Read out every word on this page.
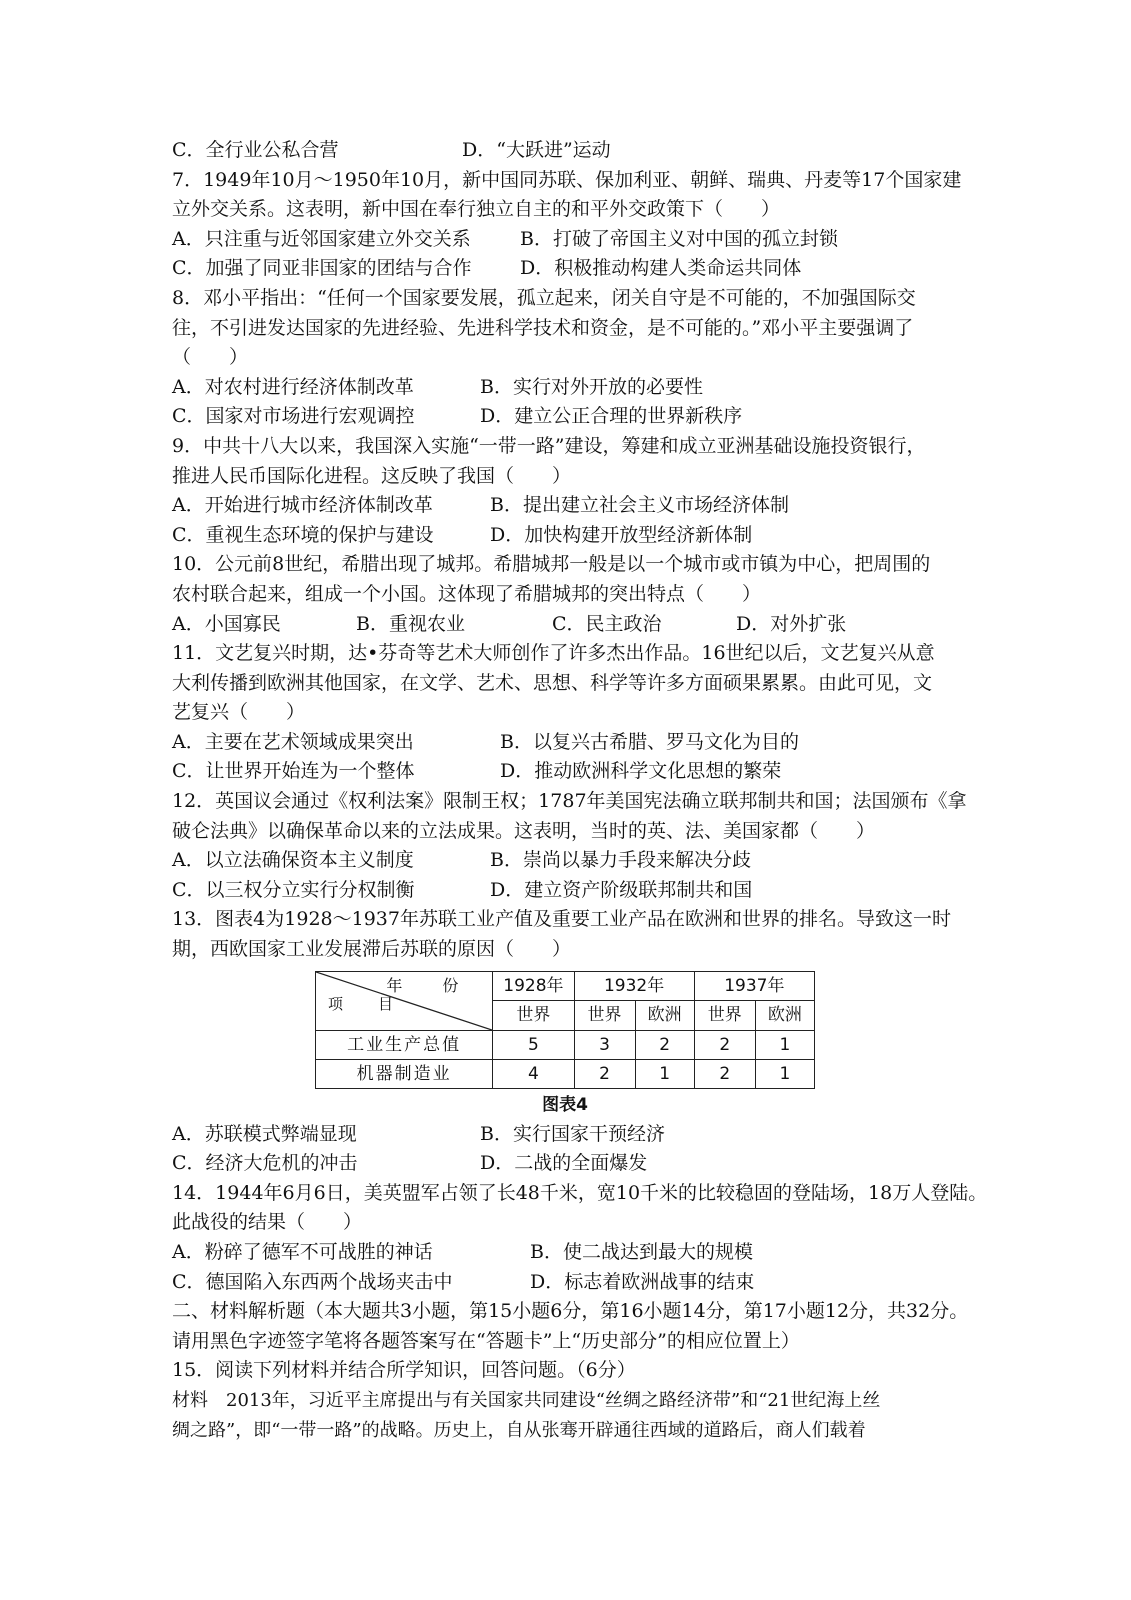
C．全行业公私合营	D．“大跃进”运动
7．1949年10月～1950年10月，新中国同苏联、保加利亚、朝鲜、瑞典、丹麦等17个国家建
立外交关系。这表明，新中国在奉行独立自主的和平外交政策下（　　）
A．只注重与近邻国家建立外交关系	B．打破了帝国主义对中国的孤立封锁
C．加强了同亚非国家的团结与合作	D．积极推动构建人类命运共同体
8．邓小平指出：“任何一个国家要发展，孤立起来，闭关自守是不可能的，不加强国际交
往，不引进发达国家的先进经验、先进科学技术和资金，是不可能的。”邓小平主要强调了
（　　）
A．对农村进行经济体制改革	B．实行对外开放的必要性
C．国家对市场进行宏观调控	D．建立公正合理的世界新秩序
9．中共十八大以来，我国深入实施“一带一路”建设，筹建和成立亚洲基础设施投资银行，
推进人民币国际化进程。这反映了我国（　　）
A．开始进行城市经济体制改革	B．提出建立社会主义市场经济体制
C．重视生态环境的保护与建设	D．加快构建开放型经济新体制
10．公元前8世纪，希腊出现了城邦。希腊城邦一般是以一个城市或市镇为中心，把周围的
农村联合起来，组成一个小国。这体现了希腊城邦的突出特点（　　）
A．小国寡民	B．重视农业	C．民主政治	D．对外扩张
11．文艺复兴时期，达•芬奇等艺术大师创作了许多杰出作品。16世纪以后，文艺复兴从意
大利传播到欧洲其他国家，在文学、艺术、思想、科学等许多方面硕果累累。由此可见，文
艺复兴（　　）
A．主要在艺术领域成果突出	B．以复兴古希腊、罗马文化为目的
C．让世界开始连为一个整体	D．推动欧洲科学文化思想的繁荣
12．英国议会通过《权利法案》限制王权；1787年美国宪法确立联邦制共和国；法国颁布《拿
破仑法典》以确保革命以来的立法成果。这表明，当时的英、法、美国家都（　　）
A．以立法确保资本主义制度	B．崇尚以暴力手段来解决分歧
C．以三权分立实行分权制衡	D．建立资产阶级联邦制共和国
13．图表4为1928～1937年苏联工业产值及重要工业产品在欧洲和世界的排名。导致这一时
期，西欧国家工业发展滞后苏联的原因（　　）
年　份
项　目	1928年	1932年		1937年	
	世界	世界	欧洲	世界	欧洲
工业生产总值	5	3	2	2	1
机器制造业	4	2	1	2	1
图表4
A．苏联模式弊端显现	B．实行国家干预经济
C．经济大危机的冲击	D．二战的全面爆发
14．1944年6月6日，美英盟军占领了长48千米，宽10千米的比较稳固的登陆场，18万人登陆。
此战役的结果（　　）
A．粉碎了德军不可战胜的神话	B．使二战达到最大的规模
C．德国陷入东西两个战场夹击中	D．标志着欧洲战事的结束
二、材料解析题（本大题共3小题，第15小题6分，第16小题14分，第17小题12分，共32分。
请用黑色字迹签字笔将各题答案写在“答题卡”上“历史部分”的相应位置上）
15．阅读下列材料并结合所学知识，回答问题。（6分）
材料　2013年，习近平主席提出与有关国家共同建设“丝绸之路经济带”和“21世纪海上丝
绸之路”，即“一带一路”的战略。历史上，自从张骞开辟通往西域的道路后，商人们载着
